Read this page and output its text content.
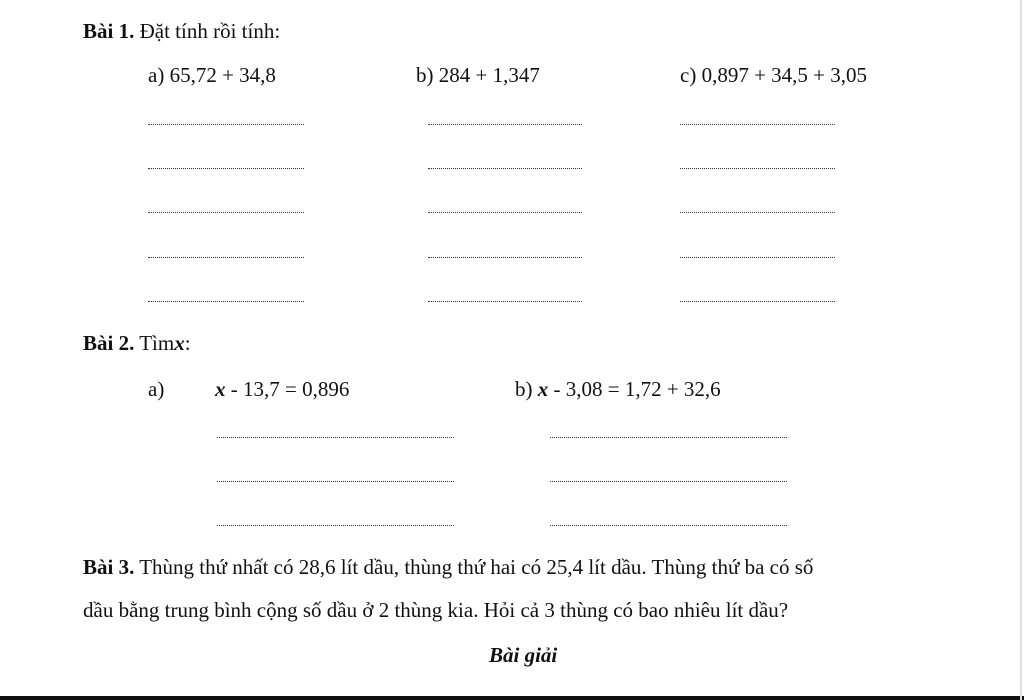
Bài 1. Đặt tính rồi tính:
a) 65,72 + 34,8	b) 284 + 1,347	c) 0,897 + 34,5 + 3,05
Bài 2. Tìmx:
a) x - 13,7 = 0,896	b) x - 3,08 = 1,72 + 32,6
Bài 3. Thùng thứ nhất có 28,6 lít dầu, thùng thứ hai có 25,4 lít dầu. Thùng thứ ba có số
dầu bằng trung bình cộng số dầu ở 2 thùng kia. Hỏi cả 3 thùng có bao nhiêu lít dầu?
Bài giải
